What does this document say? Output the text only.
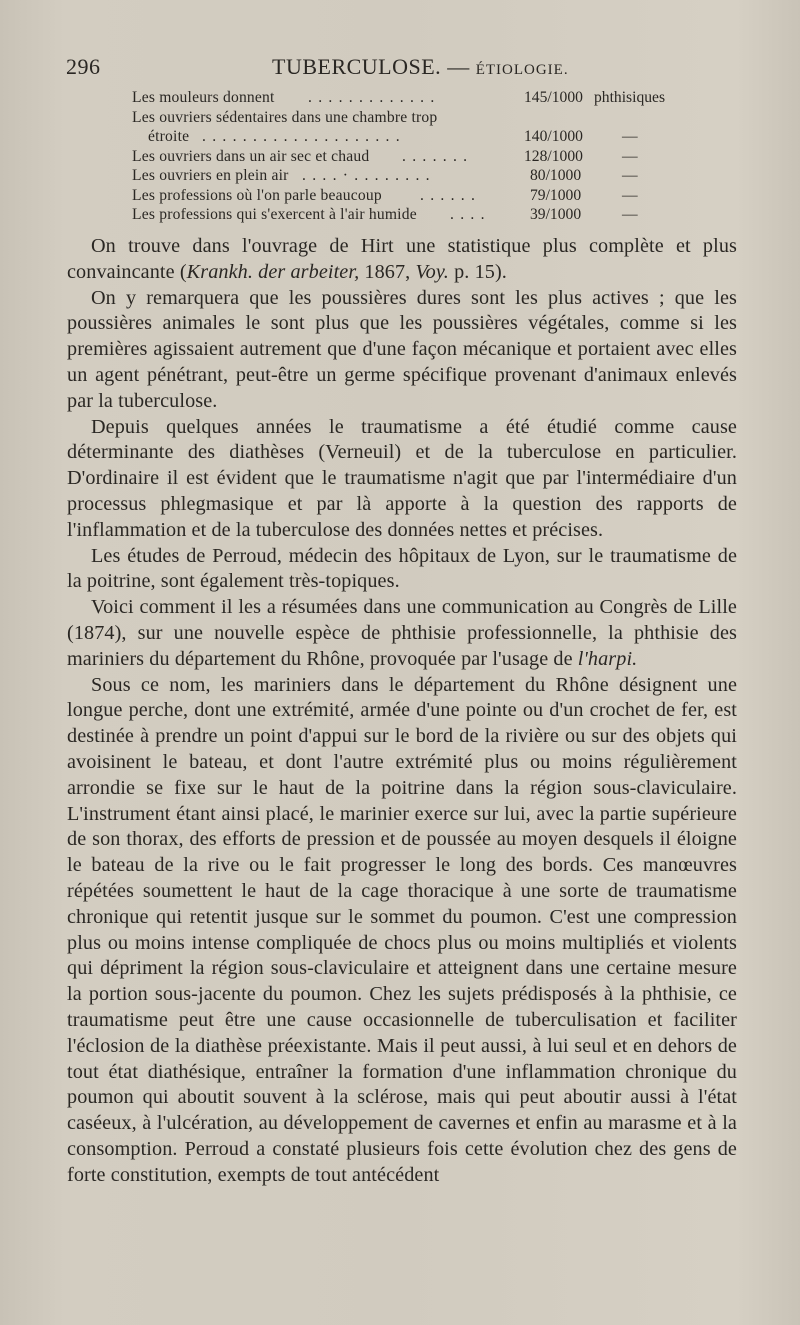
296	TUBERCULOSE. — ÉTIOLOGIE.
Les mouleurs donnent . . . . . . . . . . . . .	145/1000 phthisiques
Les ouvriers sédentaires dans une chambre trop
étroite . . . . . . . . . . . . . . . . . . . .	140/1000	—
Les ouvriers dans un air sec et chaud . . . . . . .	128/1000	—
Les ouvriers en plein air . . . . · . . . . . . . .	80/1000	—
Les professions où l'on parle beaucoup . . . . . .	79/1000	—
Les professions qui s'exercent à l'air humide . . . .	39/1000	—

On trouve dans l'ouvrage de Hirt une statistique plus complète et plus convaincante (Krankh. der arbeiter, 1867, Voy. p. 15).

On y remarquera que les poussières dures sont les plus actives ; que les poussières animales le sont plus que les poussières végétales, comme si les premières agissaient autrement que d'une façon mécanique et portaient avec elles un agent pénétrant, peut-être un germe spécifique provenant d'animaux enlevés par la tuberculose.

Depuis quelques années le traumatisme a été étudié comme cause déterminante des diathèses (Verneuil) et de la tuberculose en particulier. D'ordinaire il est évident que le traumatisme n'agit que par l'intermédiaire d'un processus phlegmasique et par là apporte à la question des rapports de l'inflammation et de la tuberculose des données nettes et précises.

Les études de Perroud, médecin des hôpitaux de Lyon, sur le traumatisme de la poitrine, sont également très-topiques.

Voici comment il les a résumées dans une communication au Congrès de Lille (1874), sur une nouvelle espèce de phthisie professionnelle, la phthisie des mariniers du département du Rhône, provoquée par l'usage de l'harpi.

Sous ce nom, les mariniers dans le département du Rhône désignent une longue perche, dont une extrémité, armée d'une pointe ou d'un crochet de fer, est destinée à prendre un point d'appui sur le bord de la rivière ou sur des objets qui avoisinent le bateau, et dont l'autre extrémité plus ou moins régulièrement arrondie se fixe sur le haut de la poitrine dans la région sous-claviculaire. L'instrument étant ainsi placé, le marinier exerce sur lui, avec la partie supérieure de son thorax, des efforts de pression et de poussée au moyen desquels il éloigne le bateau de la rive ou le fait progresser le long des bords. Ces manœuvres répétées soumettent le haut de la cage thoracique à une sorte de traumatisme chronique qui retentit jusque sur le sommet du poumon. C'est une compression plus ou moins intense compliquée de chocs plus ou moins multipliés et violents qui dépriment la région sous-claviculaire et atteignent dans une certaine mesure la portion sous-jacente du poumon. Chez les sujets prédisposés à la phthisie, ce traumatisme peut être une cause occasionnelle de tuberculisation et faciliter l'éclosion de la diathèse préexistante. Mais il peut aussi, à lui seul et en dehors de tout état diathésique, entraîner la formation d'une inflammation chronique du poumon qui aboutit souvent à la sclérose, mais qui peut aboutir aussi à l'état caséeux, à l'ulcération, au développement de cavernes et enfin au marasme et à la consomption. Perroud a constaté plusieurs fois cette évolution chez des gens de forte constitution, exempts de tout antécédent
